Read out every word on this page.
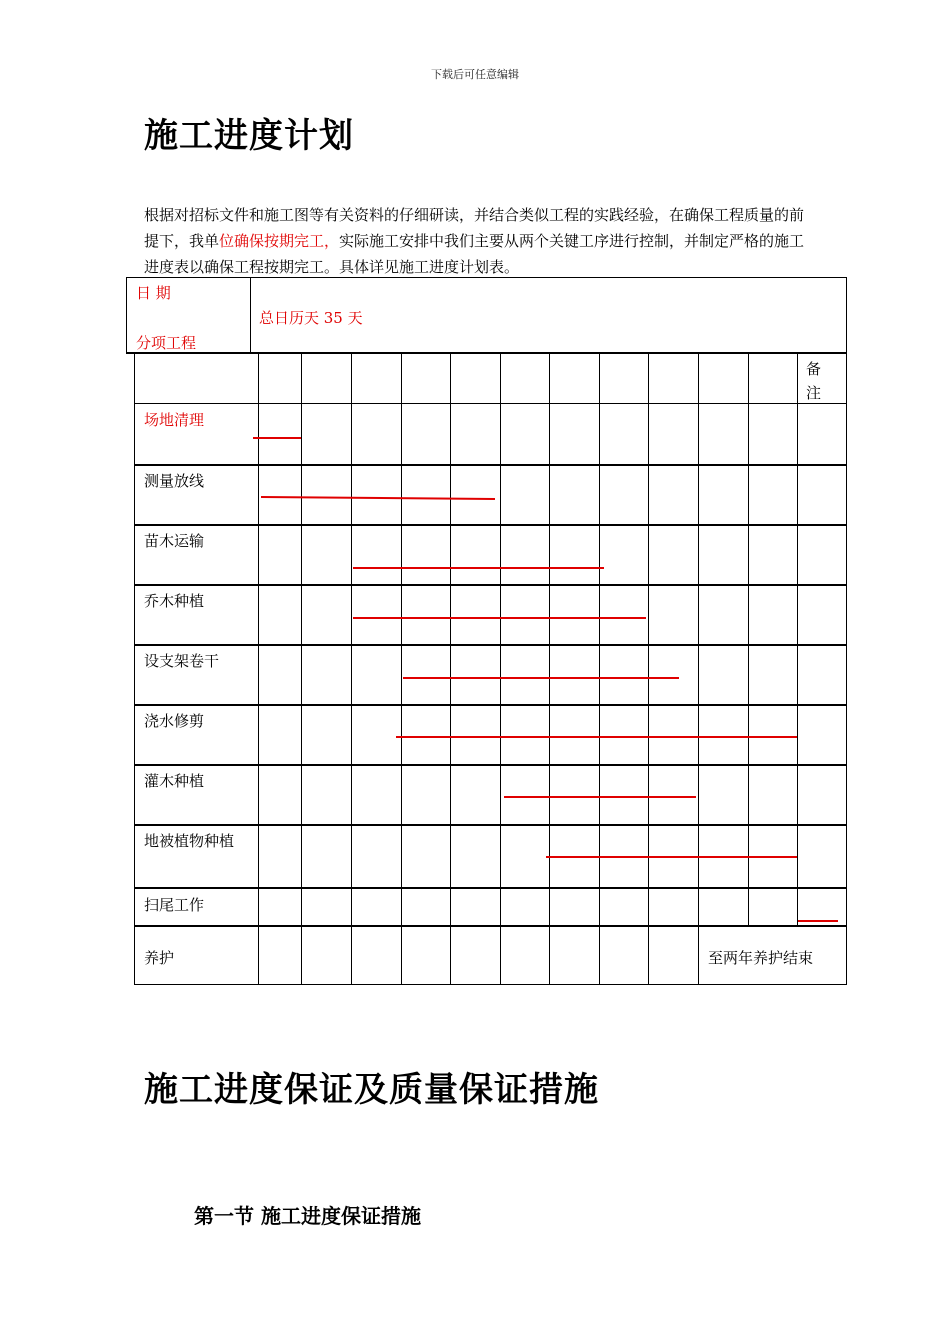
下载后可任意编辑
施工进度计划
根据对招标文件和施工图等有关资料的仔细研读，并结合类似工程的实践经验，在确保工程质量的前提下，我单位确保按期完工，实际施工安排中我们主要从两个关键工序进行控制，并制定严格的施工进度表以确保工程按期完工。具体详见施工进度计划表。
日 期
分项工程
总日历天 35 天
备注
场地清理
测量放线
苗木运输
乔木种植
设支架卷干
浇水修剪
灌木种植
地被植物种植
扫尾工作
养护	至两年养护结束
施工进度保证及质量保证措施
第一节 施工进度保证措施
